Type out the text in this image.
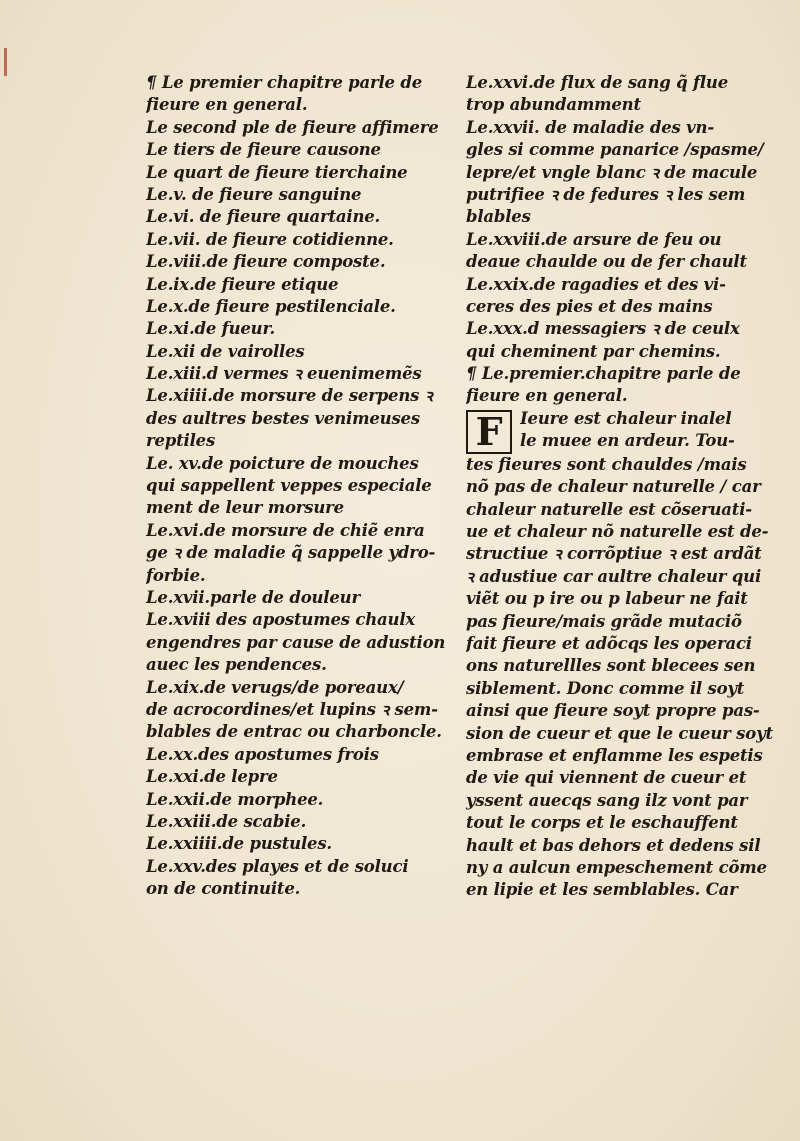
¶ Le premier chapitre parle de
fieure en general.
Le second ple de fieure affimere
Le tiers de fieure causone
Le quart de fieure tierchaine
Le.v. de fieure sanguine
Le.vi. de fieure quartaine.
Le.vii. de fieure cotidienne.
Le.viii.de fieure composte.
Le.ix.de fieure etique
Le.x.de fieure pestilenciale.
Le.xi.de fueur.
Le.xii de vairolles
Le.xiii.d vermes ꝛ euenimemẽs
Le.xiiii.de morsure de serpens ꝛ
des aultres bestes venimeuses
reptiles
Le. xv.de poicture de mouches
qui sappellent veppes especiale
ment de leur morsure
Le.xvi.de morsure de chiẽ enra
ge ꝛ de maladie q̃ sappelle ydro-
forbie.
Le.xvii.parle de douleur
Le.xviii des apostumes chaulx
engendres par cause de adustion
auec les pendences.
Le.xix.de verugs/de poreaux/
de acrocordines/et lupins ꝛ sem-
blables de entrac ou charboncle.
Le.xx.des apostumes frois
Le.xxi.de lepre
Le.xxii.de morphee.
Le.xxiii.de scabie.
Le.xxiiii.de pustules.
Le.xxv.des playes et de soluci
on de continuite.
Le.xxvi.de flux de sang q̃ flue
trop abundamment
Le.xxvii. de maladie des vn-
gles si comme panarice /spasme/
lepre/et vngle blanc ꝛ de macule
putrifiee ꝛ de fedures ꝛ les sem
blables
Le.xxviii.de arsure de feu ou
deaue chaulde ou de fer chault
Le.xxix.de ragadies et des vi-
ceres des pies et des mains
Le.xxx.d messagiers ꝛ de ceulx
qui cheminent par chemins.
¶ Le.premier.chapitre parle de
fieure en general.
F	Ieure est chaleur inalel
le muee en ardeur. Tou-
tes fieures sont chauldes /mais
nõ pas de chaleur naturelle / car
chaleur naturelle est cõseruati-
ue et chaleur nõ naturelle est de-
structiue ꝛ corrõptiue ꝛ est ardãt
ꝛ adustiue car aultre chaleur qui
viẽt ou p ire ou p labeur ne fait
pas fieure/mais grãde mutaciõ
fait fieure et adõcqs les operaci
ons naturellles sont blecees sen
siblement. Donc comme il soyt
ainsi que fieure soyt propre pas-
sion de cueur et que le cueur soyt
embrase et enflamme les espetis
de vie qui viennent de cueur et
yssent auecqs sang ilz vont par
tout le corps et le eschauffent
hault et bas dehors et dedens sil
ny a aulcun empeschement cõme
en lipie et les semblables. Car
